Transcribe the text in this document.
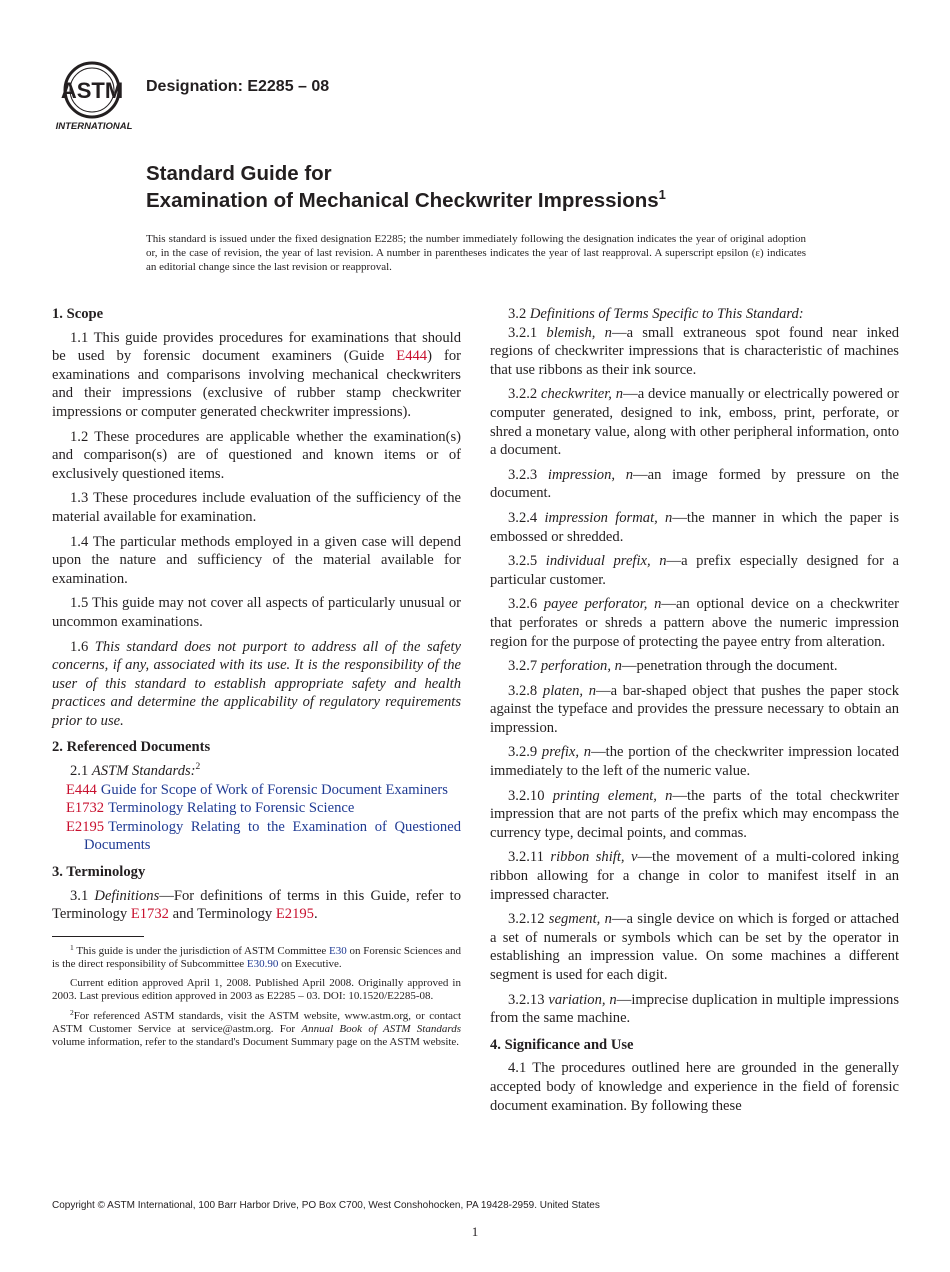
ASTM
INTERNATIONAL
Designation: E2285 – 08
Standard Guide for
Examination of Mechanical Checkwriter Impressions$^1$
This standard is issued under the fixed designation E2285; the number immediately following the designation indicates the year of original adoption or, in the case of revision, the year of last revision. A number in parentheses indicates the year of last reapproval. A superscript epsilon (ε) indicates an editorial change since the last revision or reapproval.
1. Scope

1.1 This guide provides procedures for examinations that should be used by forensic document examiners (Guide E444) for examinations and comparisons involving mechanical checkwriters and their impressions (exclusive of rubber stamp checkwriter impressions or computer generated checkwriter impressions).

1.2 These procedures are applicable whether the examination(s) and comparison(s) are of questioned and known items or of exclusively questioned items.

1.3 These procedures include evaluation of the sufficiency of the material available for examination.

1.4 The particular methods employed in a given case will depend upon the nature and sufficiency of the material available for examination.

1.5 This guide may not cover all aspects of particularly unusual or uncommon examinations.

1.6 This standard does not purport to address all of the safety concerns, if any, associated with its use. It is the responsibility of the user of this standard to establish appropriate safety and health practices and determine the applicability of regulatory requirements prior to use.

2. Referenced Documents

2.1 ASTM Standards:$^2$

E444 Guide for Scope of Work of Forensic Document Examiners

E1732 Terminology Relating to Forensic Science

E2195 Terminology Relating to the Examination of Questioned Documents

3. Terminology

3.1 Definitions—For definitions of terms in this Guide, refer to Terminology E1732 and Terminology E2195.

$^1$ This guide is under the jurisdiction of ASTM Committee E30 on Forensic Sciences and is the direct responsibility of Subcommittee E30.90 on Executive.

Current edition approved April 1, 2008. Published April 2008. Originally approved in 2003. Last previous edition approved in 2003 as E2285 – 03. DOI: 10.1520/E2285-08.

$^2$For referenced ASTM standards, visit the ASTM website, www.astm.org, or contact ASTM Customer Service at service@astm.org. For Annual Book of ASTM Standards volume information, refer to the standard's Document Summary page on the ASTM website.

3.2 Definitions of Terms Specific to This Standard:

3.2.1 blemish, n—a small extraneous spot found near inked regions of checkwriter impressions that is characteristic of machines that use ribbons as their ink source.

3.2.2 checkwriter, n—a device manually or electrically powered or computer generated, designed to ink, emboss, print, perforate, or shred a monetary value, along with other peripheral information, onto a document.

3.2.3 impression, n—an image formed by pressure on the document.

3.2.4 impression format, n—the manner in which the paper is embossed or shredded.

3.2.5 individual prefix, n—a prefix especially designed for a particular customer.

3.2.6 payee perforator, n—an optional device on a checkwriter that perforates or shreds a pattern above the numeric impression region for the purpose of protecting the payee entry from alteration.

3.2.7 perforation, n—penetration through the document.

3.2.8 platen, n—a bar-shaped object that pushes the paper stock against the typeface and provides the pressure necessary to obtain an impression.

3.2.9 prefix, n—the portion of the checkwriter impression located immediately to the left of the numeric value.

3.2.10 printing element, n—the parts of the total checkwriter impression that are not parts of the prefix which may encompass the currency type, decimal points, and commas.

3.2.11 ribbon shift, v—the movement of a multi-colored inking ribbon allowing for a change in color to manifest itself in an impressed character.

3.2.12 segment, n—a single device on which is forged or attached a set of numerals or symbols which can be set by the operator in establishing an impression value. On some machines a different segment is used for each digit.

3.2.13 variation, n—imprecise duplication in multiple impressions from the same machine.

4. Significance and Use

4.1 The procedures outlined here are grounded in the generally accepted body of knowledge and experience in the field of forensic document examination. By following these

Copyright © ASTM International, 100 Barr Harbor Drive, PO Box C700, West Conshohocken, PA 19428-2959. United States
1
